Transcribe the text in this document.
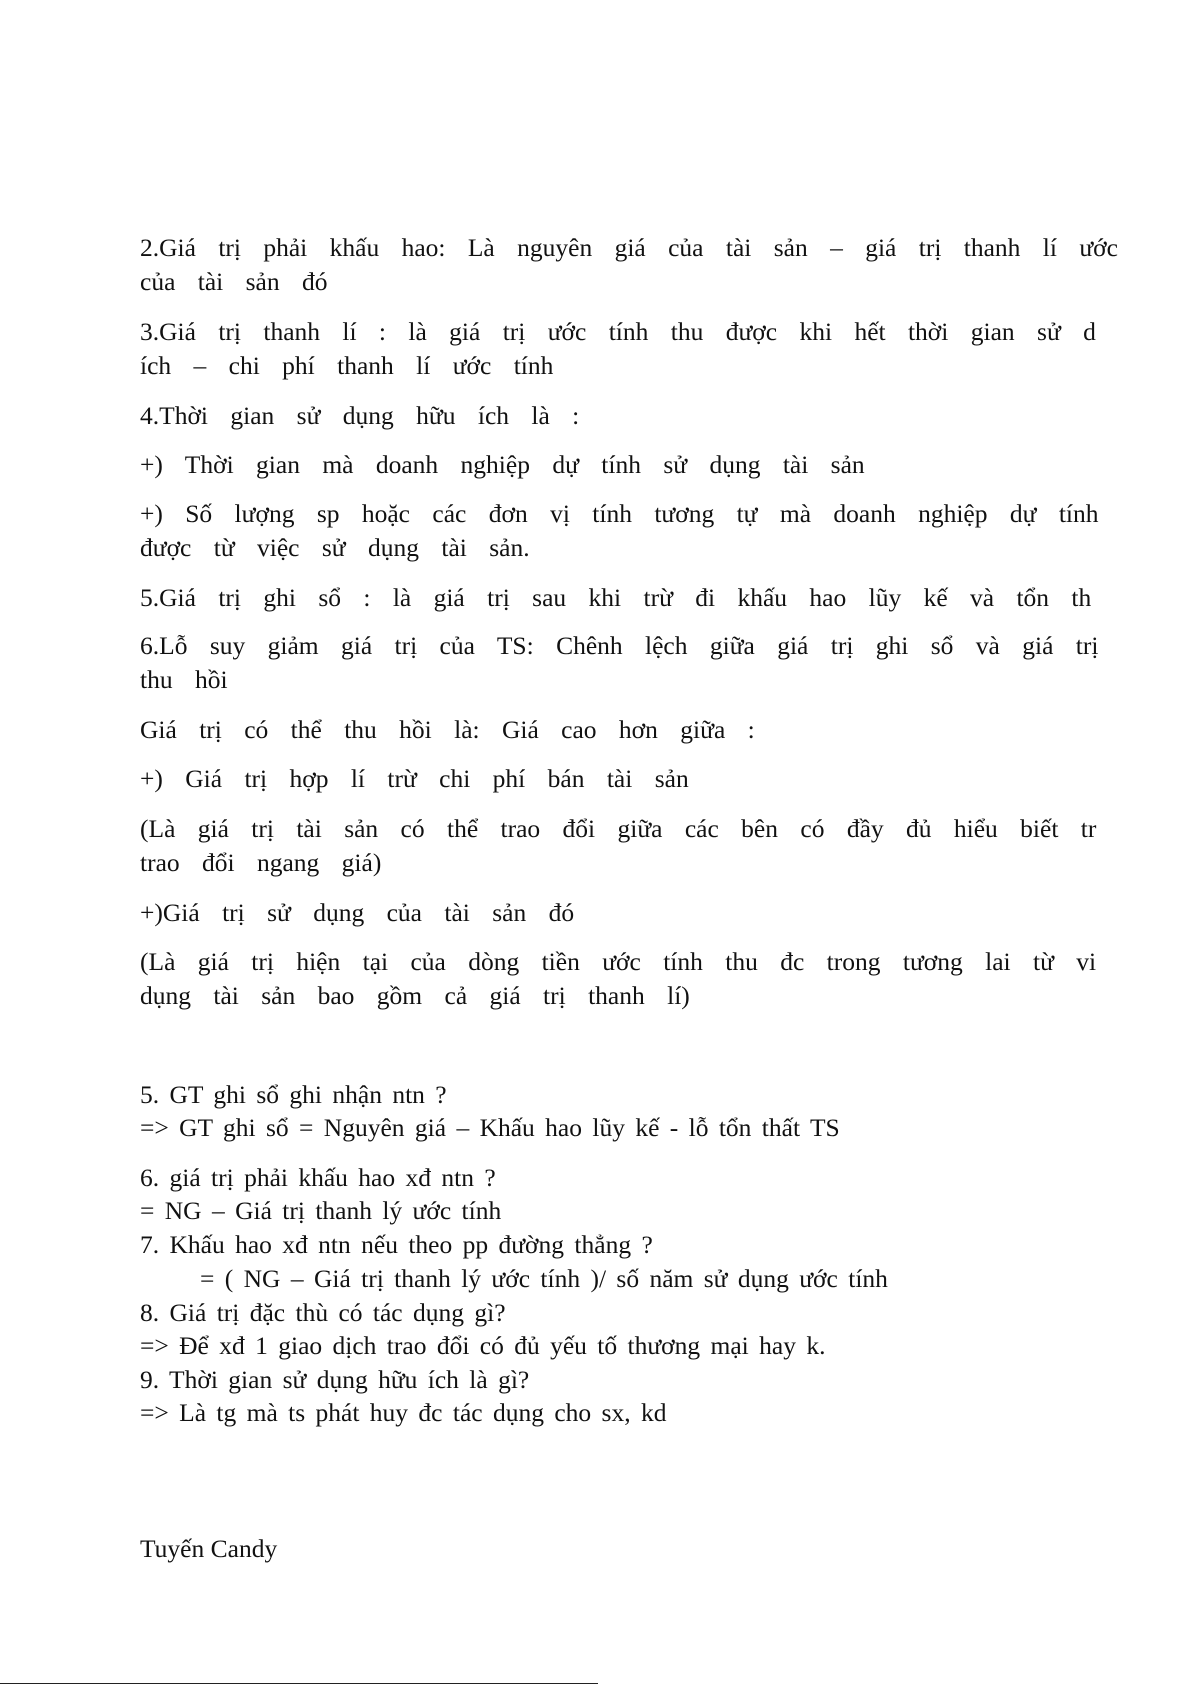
2.Giá trị phải khấu hao: Là nguyên giá của tài sản – giá trị thanh lí ước
của tài sản đó
3.Giá trị thanh lí : là giá trị ước tính thu được khi hết thời gian sử d
ích – chi phí thanh lí ước tính
4.Thời gian sử dụng hữu ích là :
+) Thời gian mà doanh nghiệp dự tính sử dụng tài sản
+) Số lượng sp hoặc các đơn vị tính tương tự mà doanh nghiệp dự tính
được từ việc sử dụng tài sản.
5.Giá trị ghi sổ : là giá trị sau khi trừ đi khấu hao lũy kế và tổn th
6.Lỗ suy giảm giá trị của TS: Chênh lệch giữa giá trị ghi sổ và giá trị
thu hồi
Giá trị có thể thu hồi là: Giá cao hơn giữa :
+) Giá trị hợp lí trừ chi phí bán tài sản
(Là giá trị tài sản có thể trao đổi giữa các bên có đầy đủ hiểu biết tr
trao đổi ngang giá)
+)Giá trị sử dụng của tài sản đó
(Là giá trị hiện tại của dòng tiền ước tính thu đc trong tương lai từ vi
dụng tài sản bao gồm cả giá trị thanh lí)
5. GT ghi sổ ghi nhận ntn ?
=> GT ghi sổ = Nguyên giá – Khấu hao lũy kế - lỗ tổn thất TS
6. giá trị phải khấu hao xđ ntn ?
= NG – Giá trị thanh lý ước tính
7. Khấu hao xđ ntn nếu theo pp đường thẳng ?
= ( NG – Giá trị thanh lý ước tính )/ số năm sử dụng ước tính
8. Giá trị đặc thù có tác dụng gì?
=> Để xđ 1 giao dịch trao đổi có đủ yếu tố thương mại hay k.
9. Thời gian sử dụng hữu ích là gì?
=> Là tg mà ts phát huy đc tác dụng cho sx, kd
Tuyến Candy
